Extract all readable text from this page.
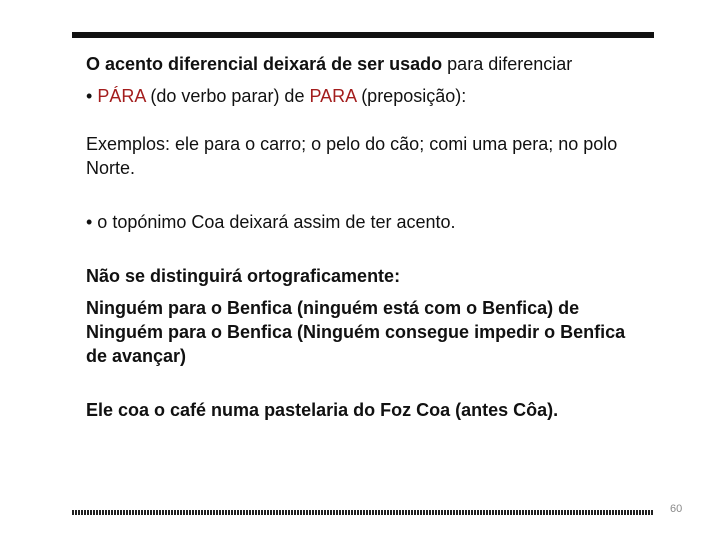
O acento diferencial deixará de ser usado para diferenciar

• PÁRA (do verbo parar) de PARA (preposição):

Exemplos: ele para o carro; o pelo do cão; comi uma pera; no polo Norte.

• o topónimo Coa deixará assim de ter acento.

Não se distinguirá ortograficamente:

Ninguém para o Benfica (ninguém está com o Benfica) de Ninguém para o Benfica (Ninguém consegue impedir o Benfica de avançar)

Ele coa o café numa pastelaria do Foz Coa (antes Côa).

60
